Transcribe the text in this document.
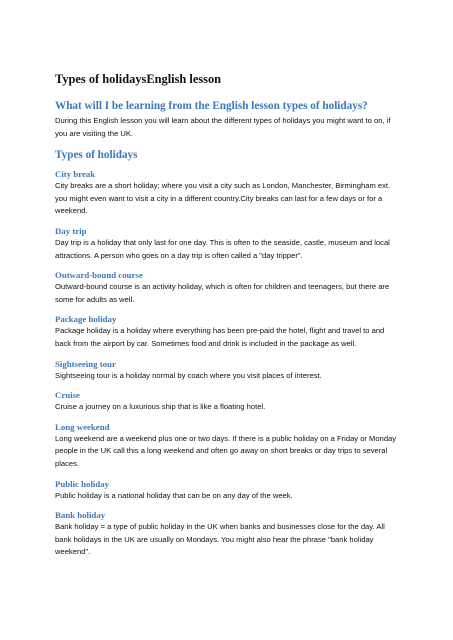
Types of holidaysEnglish lesson
What will I be learning from the English lesson types of holidays?

During this English lesson you will learn about the different types of holidays you might want to on, if you are visiting the UK.

Types of holidays
City break

City breaks are a short holiday; where you visit a city such as London, Manchester, Birmingham ext. you might even want to visit a city in a different country.City breaks can last for a few days or for a weekend.

Day trip

Day trip is a holiday that only last for one day. This is often to the seaside, castle, museum and local attractions. A person who goes on a day trip is often called a "day tripper".

Outward-bound course

Outward-bound course is an activity holiday, which is often for children and teenagers, but there are some for adults as well.

Package holiday

Package holiday is a holiday where everything has been pre-paid the hotel, flight and travel to and back from the airport by car. Sometimes food and drink is included in the package as well.

Sightseeing tour

Sightseeing tour is a holiday normal by coach where you visit places of interest.

Cruise

Cruise a journey on a luxurious ship that is like a floating hotel.

Long weekend

Long weekend are a weekend plus one or two days. If there is a public holiday on a Friday or Monday people in the UK call this a long weekend and often go away on short breaks or day trips to several places.

Public holiday

Public holiday is a national holiday that can be on any day of the week.

Bank holiday

Bank holiday = a type of public holiday in the UK when banks and businesses close for the day. All bank holidays in the UK are usually on Mondays. You might also hear the phrase "bank holiday weekend".
